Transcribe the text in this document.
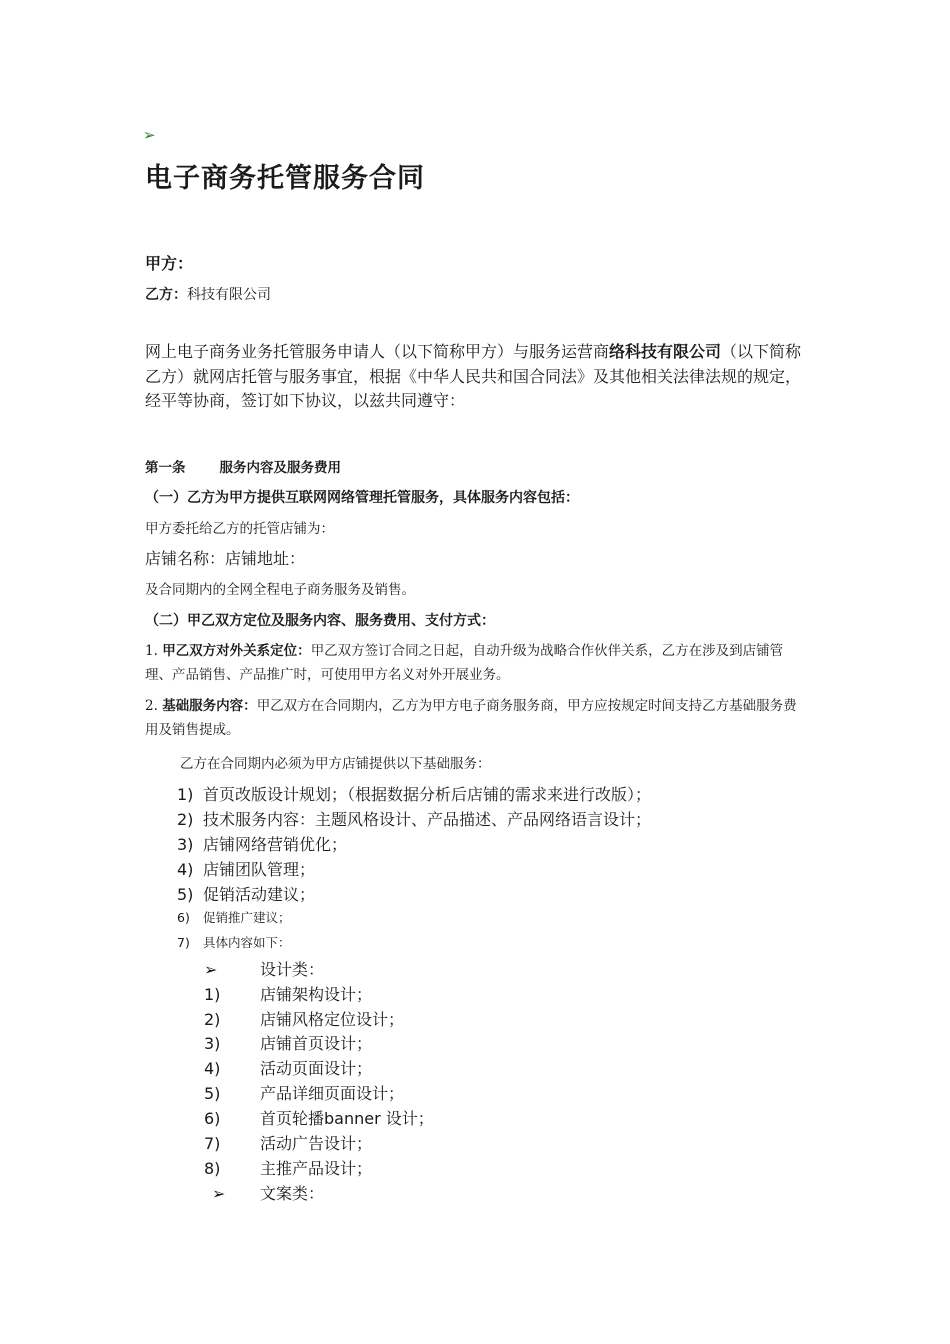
➢
电子商务托管服务合同
甲方：
乙方：科技有限公司
网上电子商务业务托管服务申请人（以下简称甲方）与服务运营商络科技有限公司（以下简称乙方）就网店托管与服务事宜，根据《中华人民共和国合同法》及其他相关法律法规的规定，经平等协商，签订如下协议，以兹共同遵守：
第一条	服务内容及服务费用
（一）乙方为甲方提供互联网网络管理托管服务，具体服务内容包括：
甲方委托给乙方的托管店铺为：
店铺名称：店铺地址：
及合同期内的全网全程电子商务服务及销售。
（二）甲乙双方定位及服务内容、服务费用、支付方式：
1. 甲乙双方对外关系定位：甲乙双方签订合同之日起，自动升级为战略合作伙伴关系，乙方在涉及到店铺管理、产品销售、产品推广时，可使用甲方名义对外开展业务。
2. 基础服务内容：甲乙双方在合同期内，乙方为甲方电子商务服务商，甲方应按规定时间支持乙方基础服务费用及销售提成。
乙方在合同期内必须为甲方店铺提供以下基础服务：
1) 首页改版设计规划；（根据数据分析后店铺的需求来进行改版）；
2) 技术服务内容：主题风格设计、产品描述、产品网络语言设计；
3) 店铺网络营销优化；
4) 店铺团队管理；
5) 促销活动建议；
6) 促销推广建议；
7) 具体内容如下：
➢	设计类：
1) 店铺架构设计；
2) 店铺风格定位设计；
3) 店铺首页设计；
4) 活动页面设计；
5) 产品详细页面设计；
6) 首页轮播banner 设计；
7) 活动广告设计；
8) 主推产品设计；
➢ 文案类：
